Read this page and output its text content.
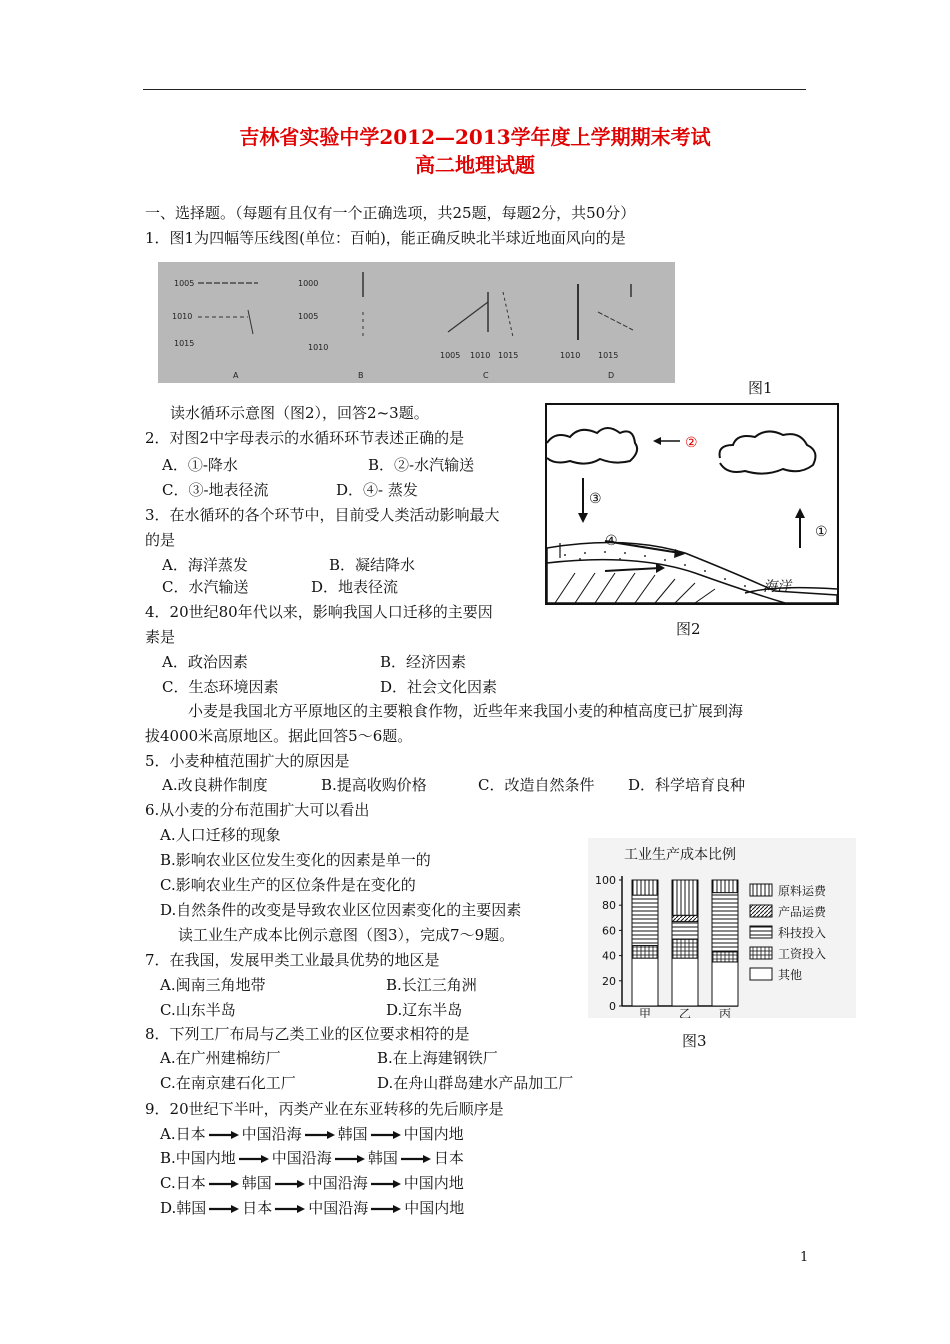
吉林省实验中学2012—2013学年度上学期期末考试
高二地理试题
一、选择题。（每题有且仅有一个正确选项，共25题，每题2分，共50分）
1．图1为四幅等压线图(单位：百帕)，能正确反映北半球近地面风向的是
1005
1010
1015
A
1000
1005
1010
B
1005 1010 1015
C
1010 1015
D
图1
读水循环示意图（图2），回答2~3题。
2．对图2中字母表示的水循环环节表述正确的是
A．①-降水	B．②-水汽输送
C．③-地表径流	D．④- 蒸发
3．在水循环的各个环节中，目前受人类活动影响最大
的是
A．海洋蒸发	B．凝结降水
C．水汽输送	D．地表径流
4．20世纪80年代以来，影响我国人口迁移的主要因
素是
A．政治因素	B．经济因素
C．生态环境因素	D．社会文化因素
②
③
①
④
海洋
图2
小麦是我国北方平原地区的主要粮食作物，近些年来我国小麦的种植高度已扩展到海
拔4000米高原地区。据此回答5～6题。
5．小麦种植范围扩大的原因是
A.改良耕作制度	B.提高收购价格	C．改造自然条件 D．科学培育良种
6.从小麦的分布范围扩大可以看出
A.人口迁移的现象
B.影响农业区位发生变化的因素是单一的
C.影响农业生产的区位条件是在变化的
D.自然条件的改变是导致农业区位因素变化的主要因素
读工业生产成本比例示意图（图3），完成7～9题。
工业生产成本比例
100
80
60
40
20
0
甲 乙 丙
原料运费
产品运费
科技投入
工资投入
其他
图3
7．在我国，发展甲类工业最具优势的地区是
A.闽南三角地带	B.长江三角洲
C.山东半岛	D.辽东半岛
8．下列工厂布局与乙类工业的区位要求相符的是
A.在广州建棉纺厂	B.在上海建钢铁厂
C.在南京建石化工厂	D.在舟山群岛建水产品加工厂
9．20世纪下半叶，丙类产业在东亚转移的先后顺序是
A.日本 中国沿海 韩国 中国内地
B.中国内地 中国沿海 韩国 日本
C.日本 韩国 中国沿海 中国内地
D.韩国 日本 中国沿海 中国内地
1
